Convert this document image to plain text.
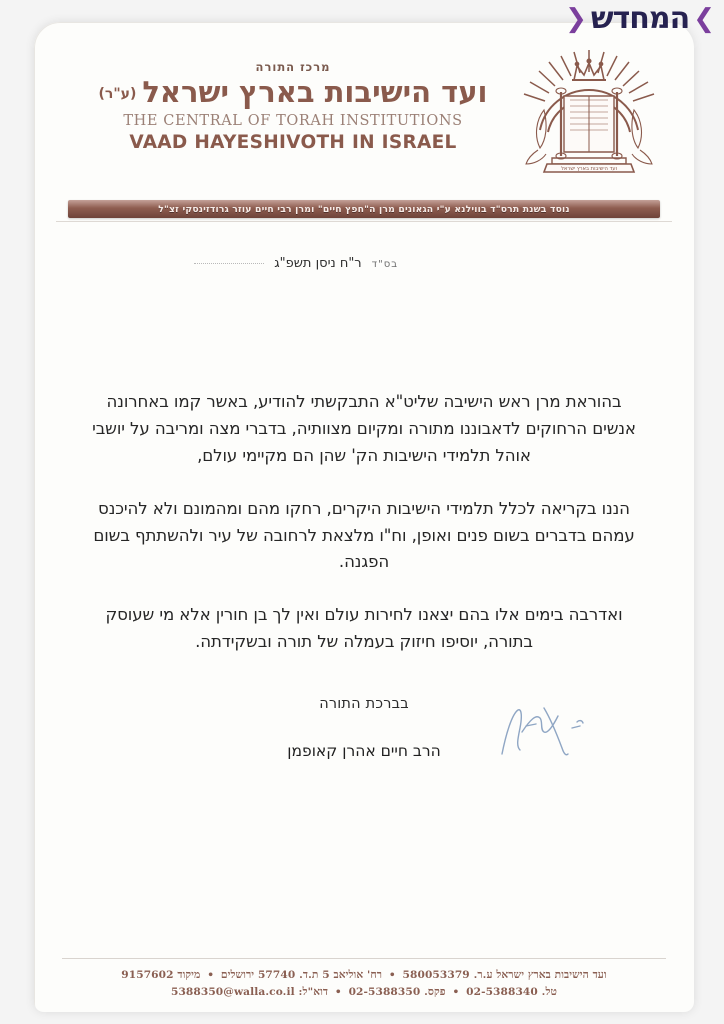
❯
המחדש
❮
ועד הישיבות בארץ ישראל
מרכז התורה
ועד הישיבות בארץ ישראל(ע"ר)
THE CENTRAL OF TORAH INSTITUTIONS
VAAD HAYESHIVOTH IN ISRAEL
נוסד בשנת תרס"ד בווילנא ע"י הגאונים מרן ה"חפץ חיים" ומרן רבי חיים עוזר גרודזינסקי זצ"ל
בס"ד
ר"ח ניסן תשפ"ג

בהוראת מרן ראש הישיבה שליט"א התבקשתי להודיע, באשר קמו באחרונה אנשים הרחוקים לדאבוננו מתורה ומקיום מצוותיה, בדברי מצה ומריבה על יושבי אוהל תלמידי הישיבות הק' שהן הם מקיימי עולם,

הננו בקריאה לכלל תלמידי הישיבות היקרים, רחקו מהם ומהמונם ולא להיכנס עמהם בדברים בשום פנים ואופן, וח"ו מלצאת לרחובה של עיר ולהשתתף בשום הפגנה.

ואדרבה בימים אלו בהם יצאנו לחירות עולם ואין לך בן חורין אלא מי שעוסק בתורה, יוסיפו חיזוק בעמלה של תורה ובשקידתה.

בברכת התורה
הרב חיים אהרן קאופמן
ועד הישיבות בארץ ישראל ע.ר. 580053379 • רח' אוליאב 5 ת.ד. 57740 ירושלים • מיקוד 9157602
טל. 02-5388340 • פקס. 02-5388350 • דוא"ל: 5388350@walla.co.il
